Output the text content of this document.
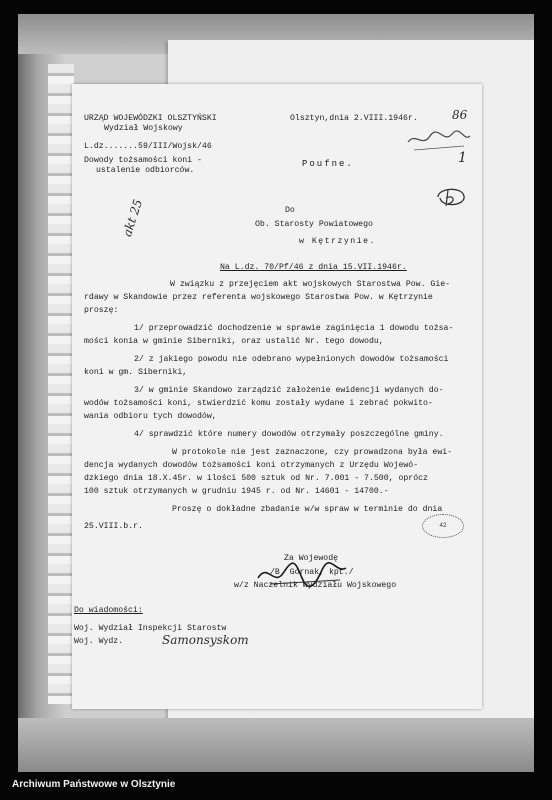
URZĄD WOJEWÓDZKI OLSZTYŃSKI
Wydział Wojskowy
L.dz.......59/III/Wojsk/46
Dowody tożsamości koni -
ustalenie odbiorców.
Olsztyn,dnia 2.VIII.1946r.	86
1
Poufne.
Do
Ob. Starosty Powiatowego
w Kętrzynie.
akt 25
Na L.dz. 70/Pf/46 z dnia 15.VII.1946r.
W związku z przejęciem akt wojskowych Starostwa Pow. Gie-
rdawy w Skandowie przez referenta wojskowego Starostwa Pow. w Kętrzynie
proszę:
1/ przeprowadzić dochodzenie w sprawie zaginięcia 1 dowodu tożsa-
mości konia w gminie Siberniki, oraz ustalić Nr. tego dowodu,
2/ z jakiego powodu nie odebrano wypełnionych dowodów tożsamości
koni w gm. Siberniki,
3/ w gminie Skandowo zarządzić założenie ewidencji wydanych do-
wodów tożsamości koni, stwierdzić komu zostały wydane i zebrać pokwito-
wania odbioru tych dowodów,
4/ sprawdzić które numery dowodów otrzymały poszczególne gminy.
W protokole nie jest zaznaczone, czy prowadzona była ewi-
dencja wydanych dowodów tożsamości koni otrzymanych z Urzędu Wojewó-
dzkiego dnia 18.X.45r. w ilości 500 sztuk od Nr. 7.001 - 7.500, oprócz
100 sztuk otrzymanych w grudniu 1945 r. od Nr. 14601 - 14700.-
Proszę o dokładne zbadanie w/w spraw w terminie do dnia
25.VIII.b.r.	42
Za Wojewodę
/B. Gornak, kpt./
w/z Naczelnik Wydziału Wojskowego
Do wiadomości:
Woj. Wydział Inspekcji Starostw
Woj. Wydz.	Samonsyskom
Archiwum Państwowe w Olsztynie
